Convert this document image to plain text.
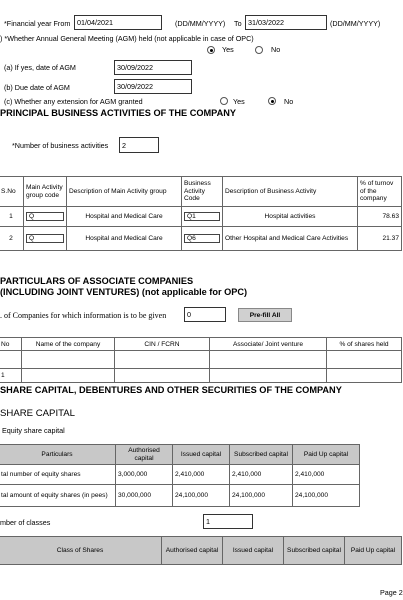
*Financial year From 01/04/2021	(DD/MM/YYYY) To 31/03/2022	(DD/MM/YYYY)
) *Whether Annual General Meeting (AGM) held (not applicable in case of OPC)
Yes	No
(a) If yes, date of AGM	30/09/2022
(b) Due date of AGM	30/09/2022
(c) Whether any extension for AGM granted	Yes	No
PRINCIPAL BUSINESS ACTIVITIES OF THE COMPANY
*Number of business activities	2
S.No	Main Activity group code	Description of Main Activity group	Business Activity Code	Description of Business Activity	% of turnov of the company
1	Q	Hospital and Medical Care	Q1	Hospital activities	78.63
2	Q	Hospital and Medical Care	Q6	Other Hospital and Medical Care Activities	21.37
PARTICULARS OF ASSOCIATE COMPANIES
(INCLUDING JOINT VENTURES) (not applicable for OPC)
. of Companies for which information is to be given	0	Pre-fill All
No	Name of the company	CIN / FCRN	Associate/ Joint venture	% of shares held

1				
SHARE CAPITAL, DEBENTURES AND OTHER SECURITIES OF THE COMPANY
SHARE CAPITAL
Equity share capital
Particulars	Authorised capital	Issued capital	Subscribed capital	Paid Up capital
tal number of equity shares	3,000,000	2,410,000	2,410,000	2,410,000
tal amount of equity shares (in pees)	30,000,000	24,100,000	24,100,000	24,100,000
mber of classes	1
Class of Shares	Authorised capital	Issued capital	Subscribed capital	Paid Up capital
Page 2
